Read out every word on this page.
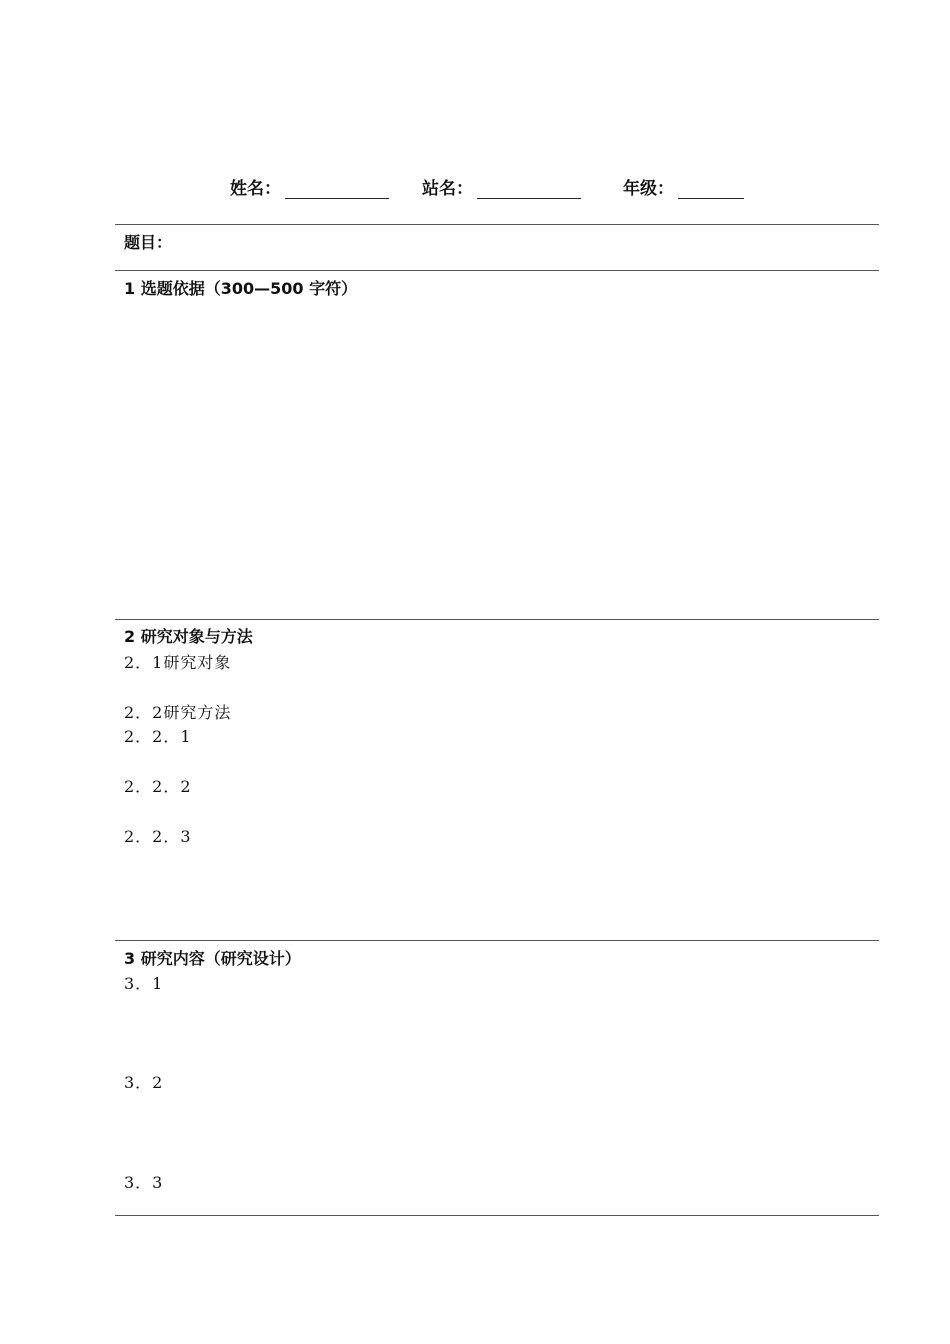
姓名：	站名：	年级：
题目：
1 选题依据（300—500 字符）
2 研究对象与方法
2．1研究对象
2．2研究方法
2．2．1
2．2．2
2．2．3
3 研究内容（研究设计）
3．1
3．2
3．3
